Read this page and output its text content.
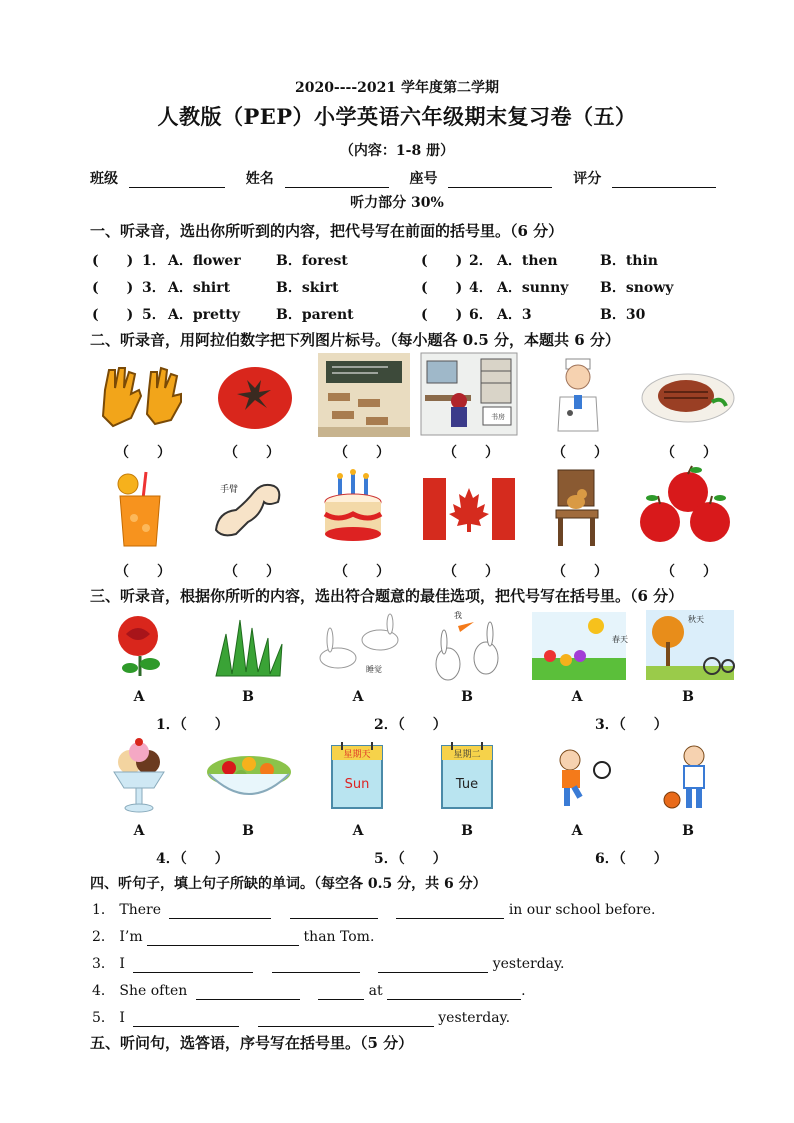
2020----2021 学年度第二学期
人教版（PEP）小学英语六年级期末复习卷（五）
（内容：1-8 册）
班级	姓名	座号	评分
听力部分 30%
一、听录音，选出你所听到的内容，把代号写在前面的括号里。（6 分）
(　　) 1． A．flower	B．forest	(　　) 2． A．then	B．thin
(　　) 3． A．shirt	B．skirt	(　　) 4． A．sunny B．snowy
(　　) 5． A．pretty	B．parent	(　　) 6． A．3	B．30
二、听录音，用阿拉伯数字把下列图片标号。（每小题各 0.5 分，本题共 6 分）
书房
（　　）	（　　）	（　　）	（　　）	（　　）	（　　）
手臂
（　　）	（　　）	（　　）	（　　）	（　　）	（　　）
三、听录音，根据你所听的内容，选出符合题意的最佳选项，把代号写在括号里。（6 分）
睡觉
我
春天
秋天
A	B	A	B	A	B
1．（　　）	2．（　　）	3．（　　）
星期天
Sun
星期二
Tue
A	B	A	B	A	B
4．（　　）	5．（　　）	6．（　　）
四、听句子，填上句子所缺的单词。（每空各 0.5 分，共 6 分）
1． There	in our school before.
2． I’m	than Tom.
3． I	yesterday.
4． She often	at	.
5． I	yesterday.
五、听问句，选答语，序号写在括号里。（5 分）
